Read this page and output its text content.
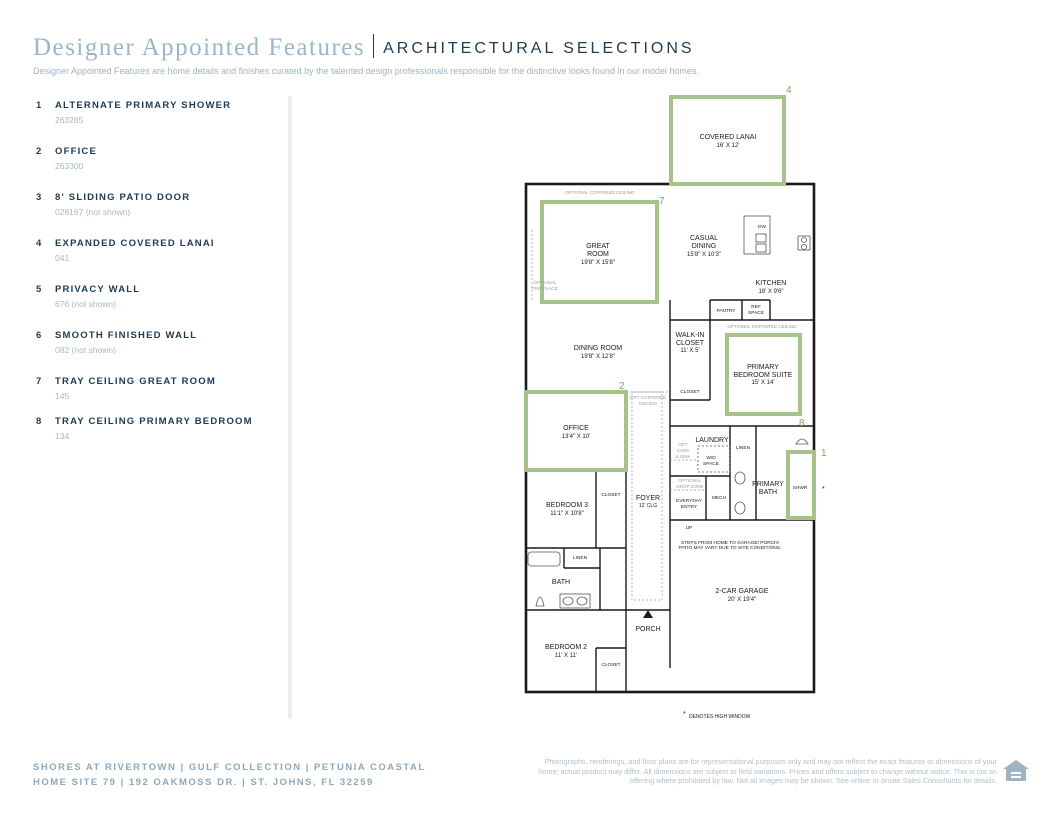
Designer Appointed Features ARCHITECTURAL SELECTIONS
Designer Appointed Features are home details and finishes curated by the talented design professionals responsible for the distinctive looks found in our model homes.
1 ALTERNATE PRIMARY SHOWER
263285
2 OFFICE
263300
3 8' SLIDING PATIO DOOR
026167 (not shown)
4 EXPANDED COVERED LANAI
041
5 PRIVACY WALL
676 (not shown)
6 SMOOTH FINISHED WALL
082 (not shown)
7 TRAY CEILING GREAT ROOM
145
8 TRAY CEILING PRIMARY BEDROOM
134
4
7
2
8
1
COVERED LANAI
16' X 12'
GREAT
ROOM
19'8" X 15'8"
CASUAL
DINING
15'8" X 10'3"
KITCHEN
18' X 9'6"
DINING ROOM
19'8" X 12'8"
WALK-IN
CLOSET
11' X 5'
PRIMARY
BEDROOM SUITE
15' X 14'
OFFICE
13'4" X 10'	LAUNDRY
PRIMARY
BATH
FOYER
12' CLG
BEDROOM 3
11'1" X 10'8"
BATH
2-CAR GARAGE
20' X 19'4"
PORCH
BEDROOM 2
11' X 11'
DW
PANTRY
REF
SPACE
CLOSET
CLOSET
CLOSET
LINEN
LINEN
W/D
SPACE
EVERYDAY
ENTRY
MECH
SHWR
UP
STEPS FROM HOME TO GARAGE/ PORCH/
PATIO MAY VARY DUE TO SITE CONDITIONS.
OPTIONAL COFFERED CEILING
OPTIONAL COFFERED CEILING
OPTIONAL
FIREPLACE
OPT COFFERED
CEILING
OPT
CABS
& SINK
OPTIONAL
DROP ZONE	*
* DENOTES HIGH WINDOW
SHORES AT RIVERTOWN | GULF COLLECTION | PETUNIA COASTAL
HOME SITE 79 | 192 OAKMOSS DR. | ST. JOHNS, FL 32259
Photographs, renderings, and floor plans are for representational purposes only and may not reflect the exact features or dimensions of your home; actual product may differ. All dimensions are subject to field variations. Prices and offers subject to change without notice. This is not an offering where prohibited by law. Not all images may be shown. See online or onsite Sales Consultants for details.
